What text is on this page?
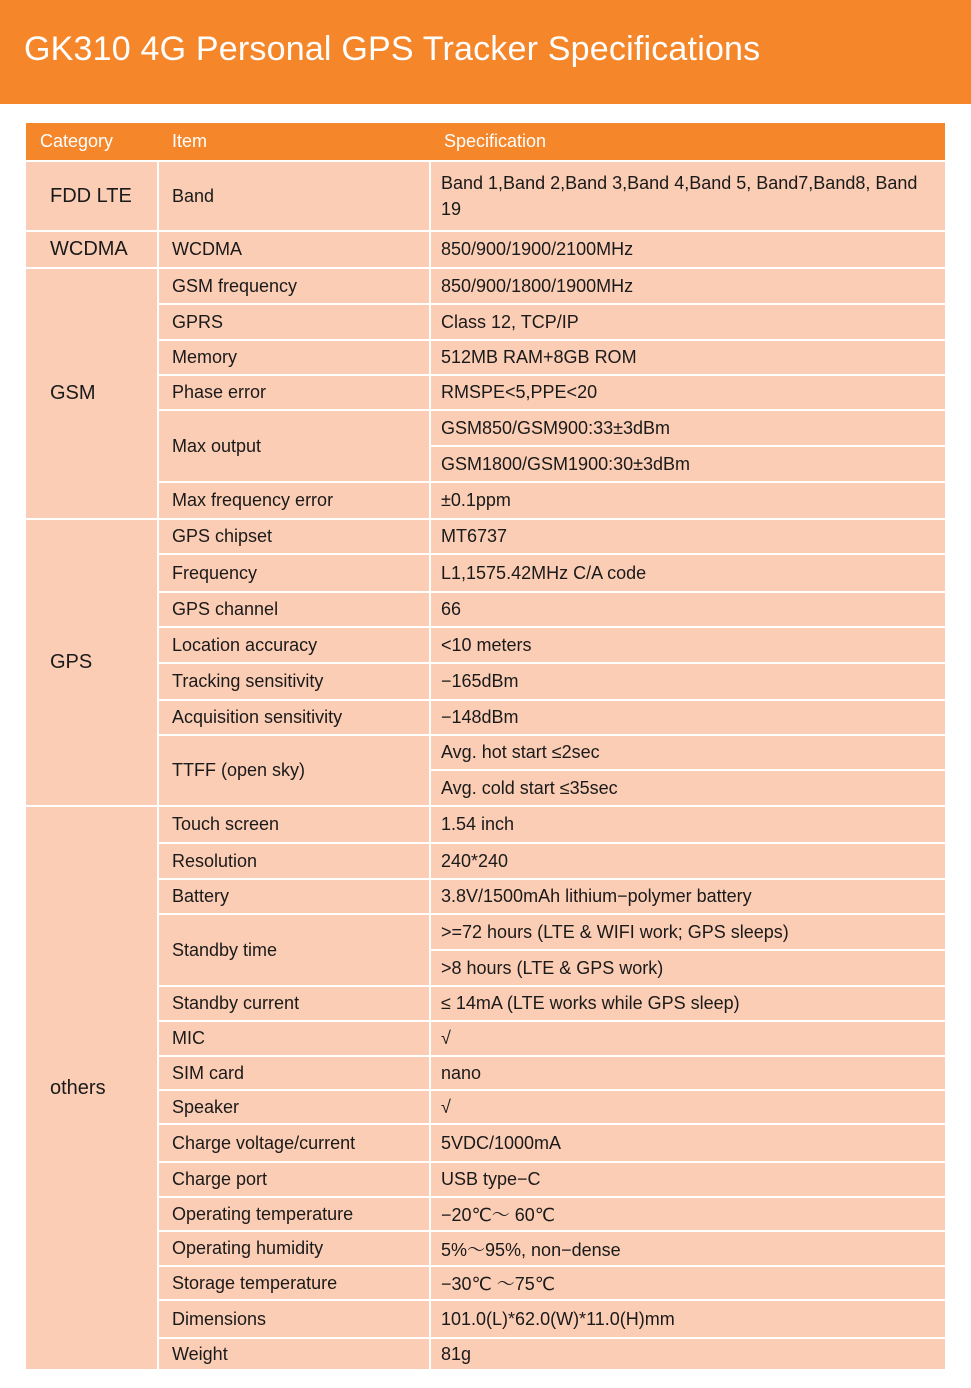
GK310 4G Personal GPS Tracker Specifications
Category	Item	Specification
FDD LTE	Band	Band 1,Band 2,Band 3,Band 4,Band 5, Band7,Band8, Band 19
WCDMA	WCDMA	850/900/1900/2100MHz
GSM	GSM frequency	850/900/1800/1900MHz
	GPRS	Class 12, TCP/IP
	Memory	512MB RAM+8GB ROM
	Phase error	RMSPE<5,PPE<20
	Max output	GSM850/GSM900:33±3dBm
		GSM1800/GSM1900:30±3dBm
	Max frequency error	±0.1ppm
GPS	GPS chipset	MT6737
	Frequency	L1,1575.42MHz C/A code
	GPS channel	66
	Location accuracy	<10 meters
	Tracking sensitivity	−165dBm
	Acquisition sensitivity	−148dBm
	TTFF (open sky)	Avg. hot start ≤2sec
		Avg. cold start ≤35sec
others	Touch screen	1.54 inch
	Resolution	240*240
	Battery	3.8V/1500mAh lithium−polymer battery
	Standby time	>=72 hours (LTE & WIFI work; GPS sleeps)
		>8 hours (LTE & GPS work)
	Standby current	≤ 14mA (LTE works while GPS sleep)
	MIC	√
	SIM card	nano
	Speaker	√
	Charge voltage/current	5VDC/1000mA
	Charge port	USB type−C
	Operating temperature	−20℃～ 60℃
	Operating humidity	5%～95%, non−dense
	Storage temperature	−30℃ ～75℃
	Dimensions	101.0(L)*62.0(W)*11.0(H)mm
	Weight	81g
